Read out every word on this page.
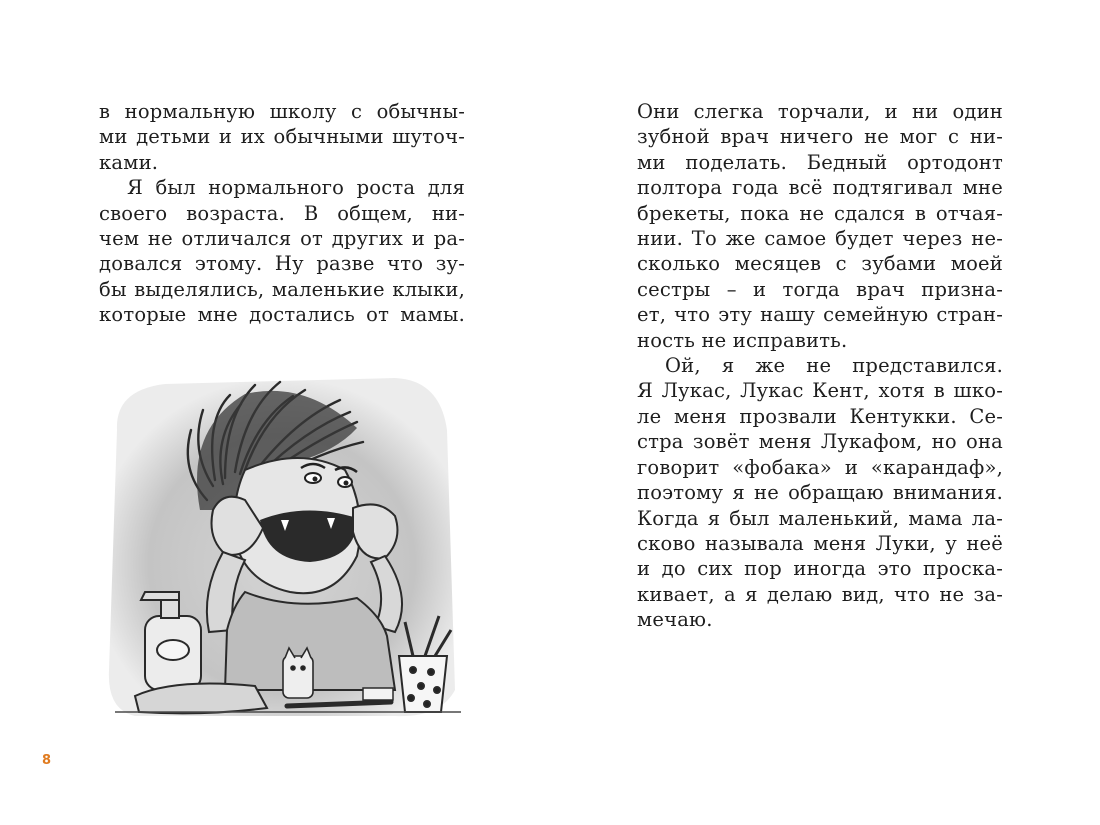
в нормальную школу с обычны-

ми детьми и их обычными шуточ-

ками.

Я был нормального роста для

своего возраста. В общем, ни-

чем не отличался от других и ра-

довался этому. Ну разве что зу-

бы выделялись, маленькие клыки,

которые мне достались от мамы.

Они слегка торчали, и ни один

зубной врач ничего не мог с ни-

ми поделать. Бедный ортодонт

полтора года всё подтягивал мне

брекеты, пока не сдался в отчая-

нии. То же самое будет через не-

сколько месяцев с зубами моей

сестры – и тогда врач призна-

ет, что эту нашу семейную стран-

ность не исправить.

Ой, я же не представился.

Я Лукас, Лукас Кент, хотя в шко-

ле меня прозвали Кентукки. Се-

стра зовёт меня Лукафом, но она

говорит «фобака» и «карандаф»,

поэтому я не обращаю внимания.

Когда я был маленький, мама ла-

сково называла меня Луки, у неё

и до сих пор иногда это проска-

кивает, а я делаю вид, что не за-

мечаю.

8
